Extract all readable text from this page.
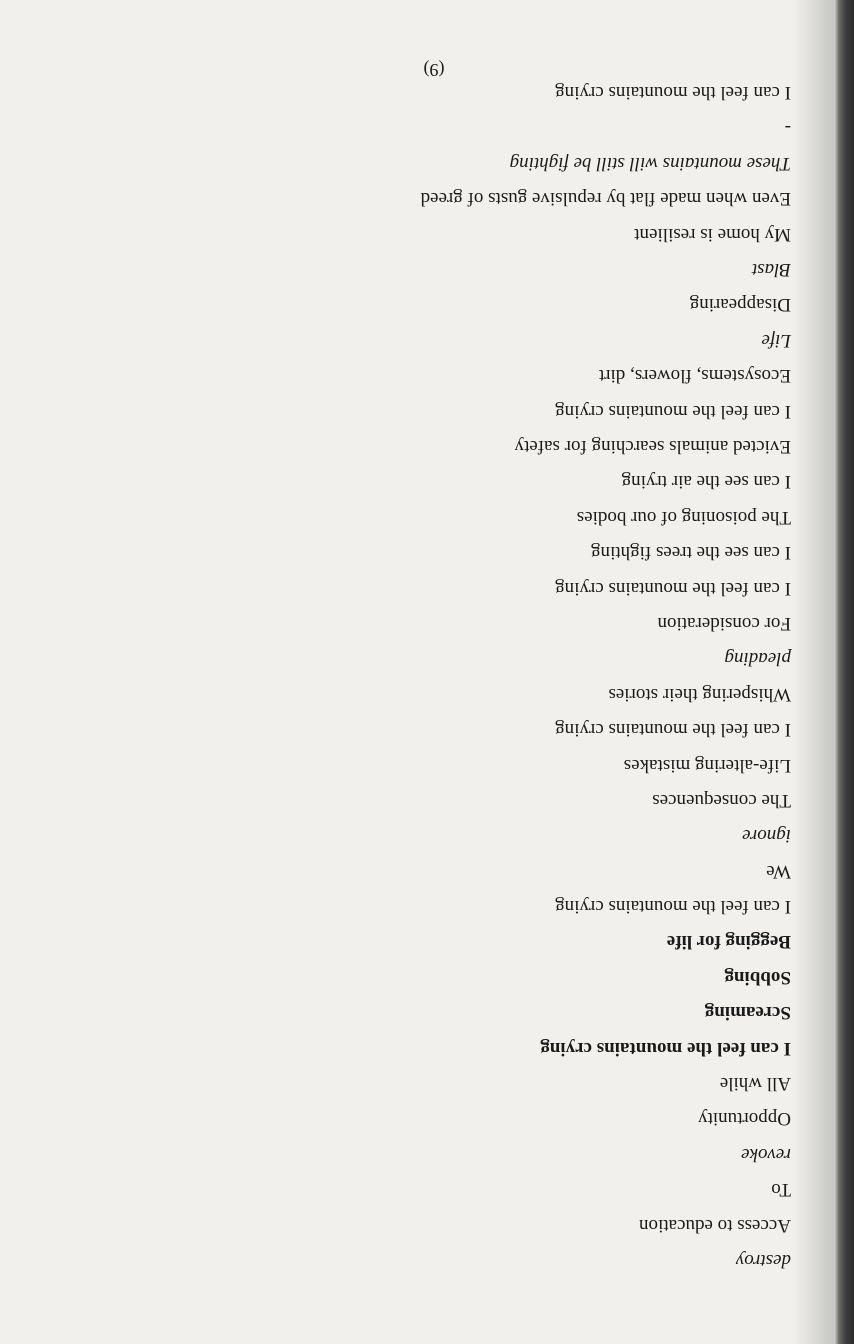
destroy
Access to education
To
revoke
Opportunity
All while
I can feel the mountains crying
Screaming
Sobbing
Begging for life
I can feel the mountains crying
We
ignore
The consequences
Life-altering mistakes
I can feel the mountains crying
Whispering their stories
pleading
For consideration
I can feel the mountains crying
I can see the trees fighting
The poisoning of our bodies
I can see the air trying
Evicted animals searching for safety
I can feel the mountains crying
Ecosystems, flowers, dirt
Life
Disappearing
Blast
My home is resilient
Even when made flat by repulsive gusts of greed
These mountains will still be fighting
-
I can feel the mountains crying
(9)
